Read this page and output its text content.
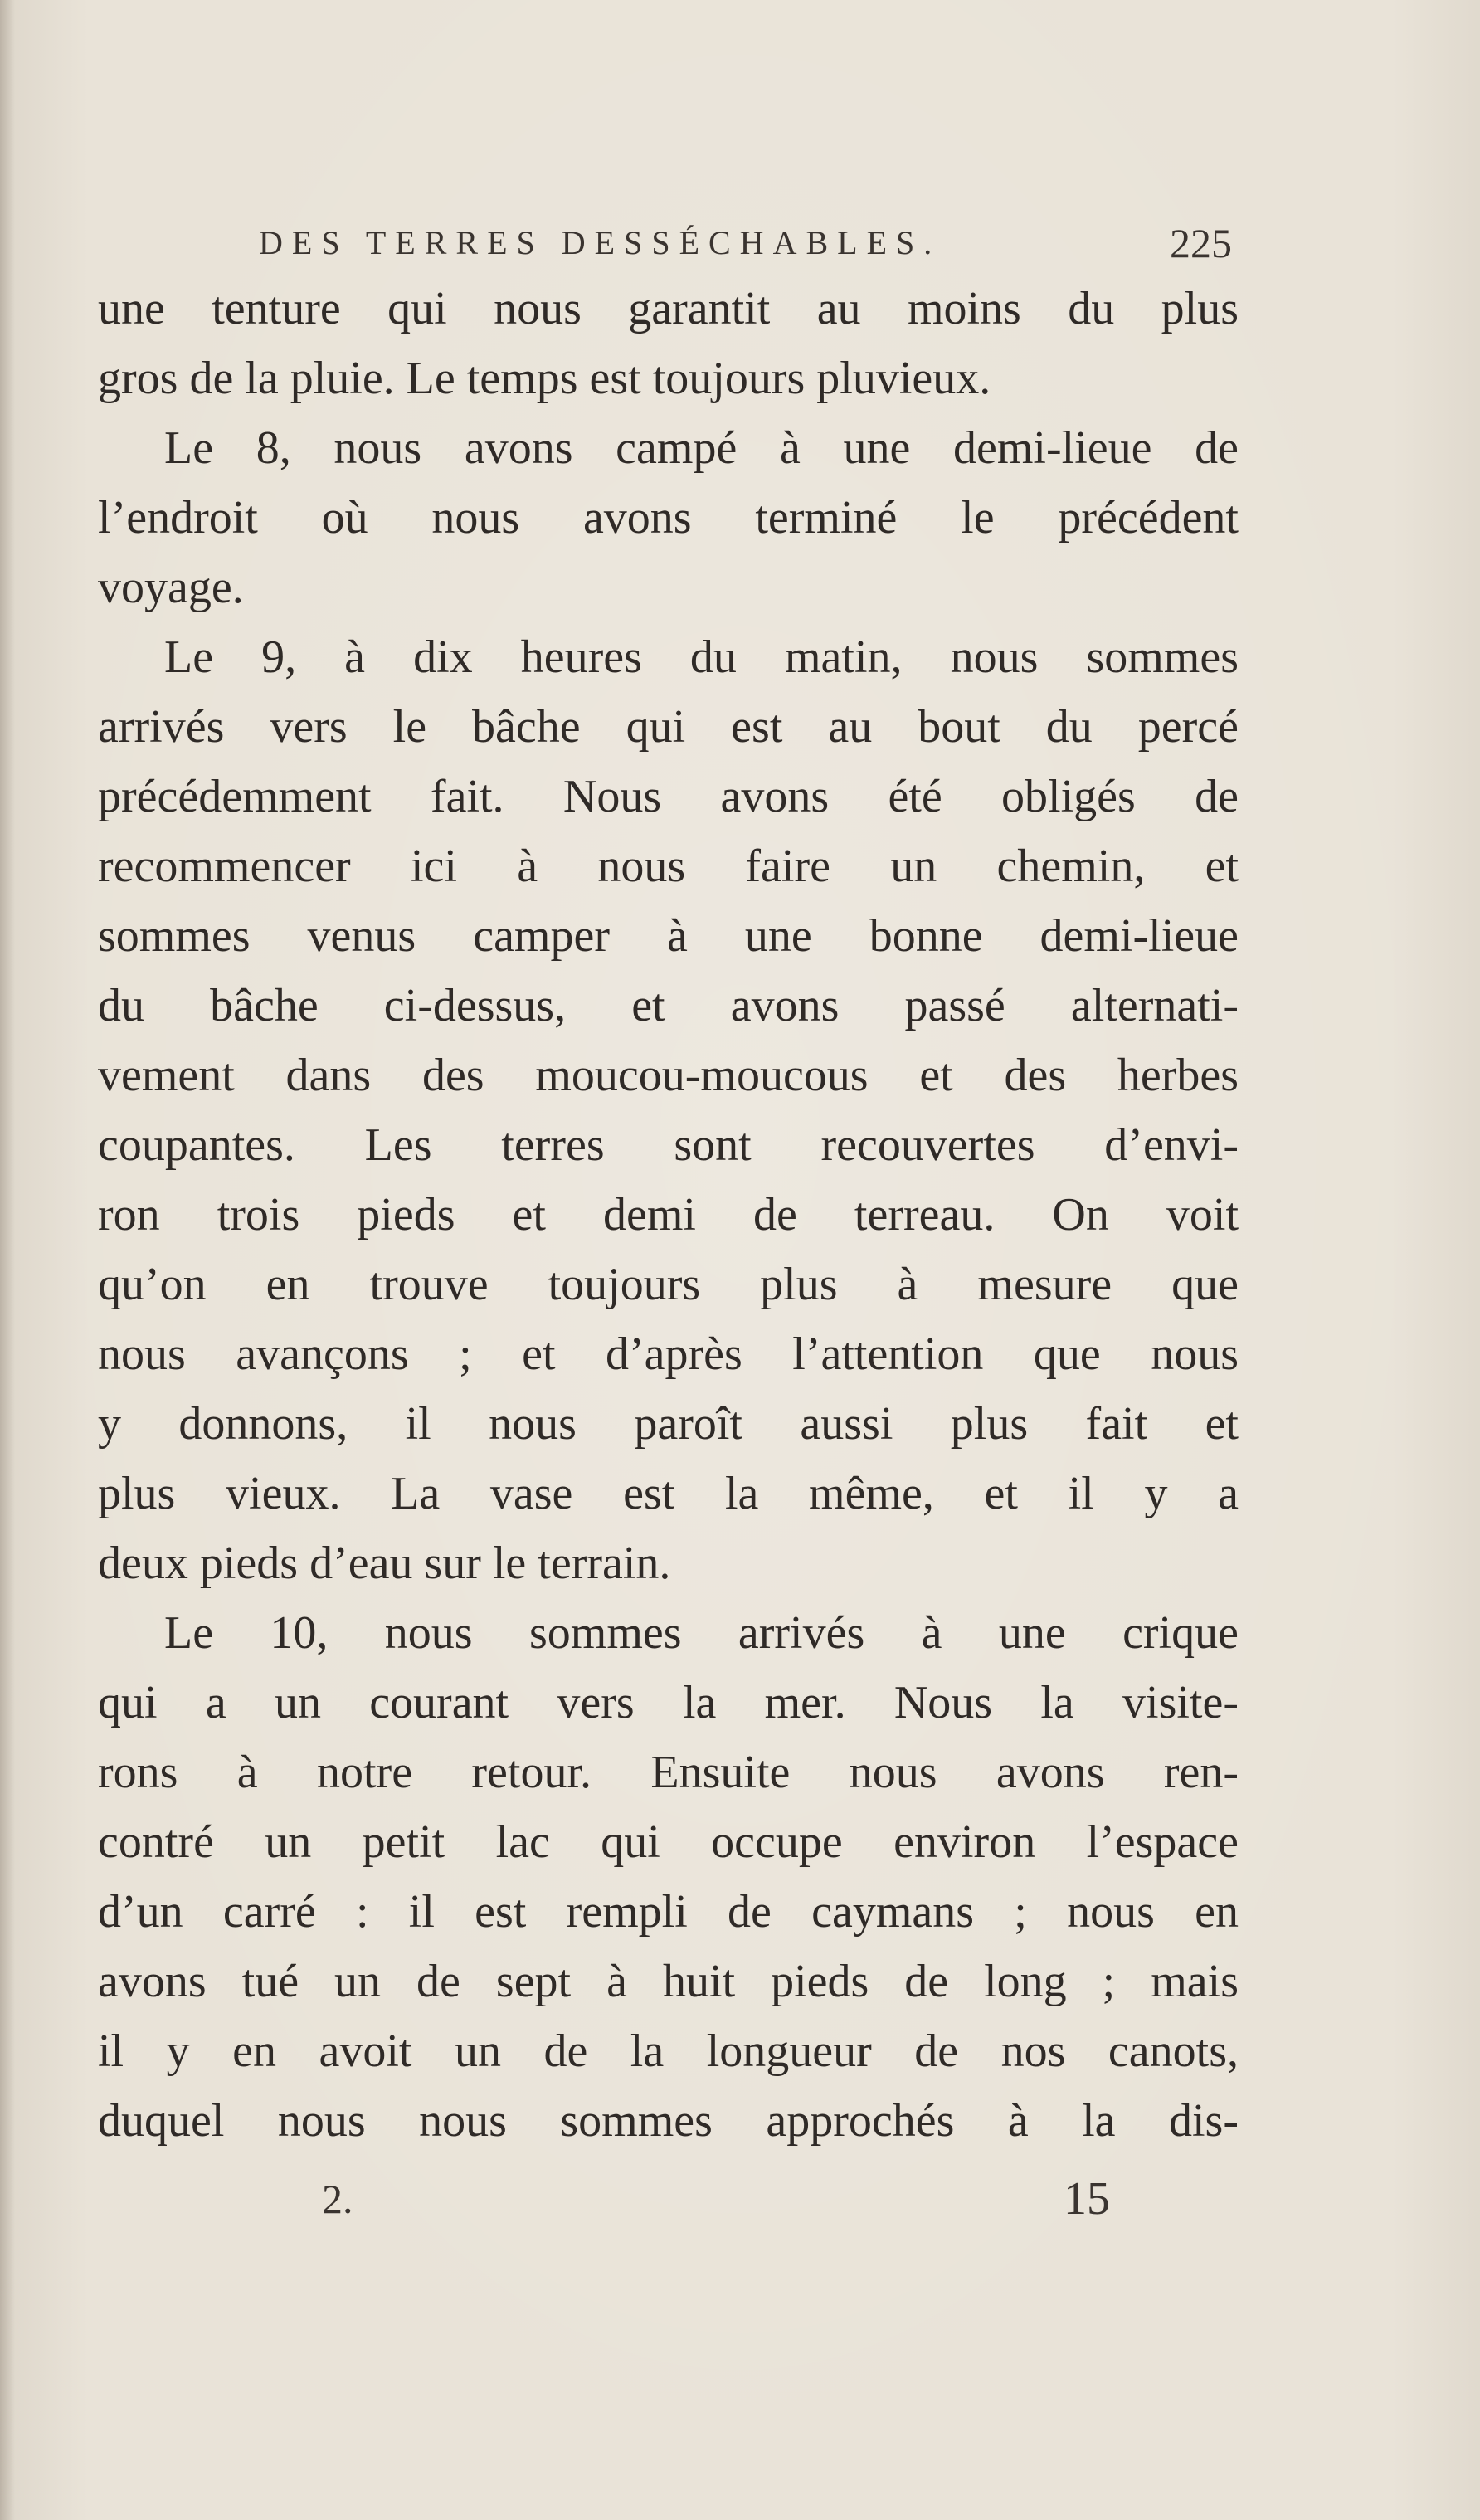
DES TERRES DESSÉCHABLES.	225
une tenture qui nous garantit au moins du plus
gros de la pluie. Le temps est toujours pluvieux.
Le 8, nous avons campé à une demi-lieue de
l’endroit où nous avons terminé le précédent
voyage.
Le 9, à dix heures du matin, nous sommes
arrivés vers le bâche qui est au bout du percé
précédemment fait. Nous avons été obligés de
recommencer ici à nous faire un chemin, et
sommes venus camper à une bonne demi-lieue
du bâche ci-dessus, et avons passé alternati-
vement dans des moucou-moucous et des herbes
coupantes. Les terres sont recouvertes d’envi-
ron trois pieds et demi de terreau. On voit
qu’on en trouve toujours plus à mesure que
nous avançons ; et d’après l’attention que nous
y donnons, il nous paroît aussi plus fait et
plus vieux. La vase est la même, et il y a
deux pieds d’eau sur le terrain.
Le 10, nous sommes arrivés à une crique
qui a un courant vers la mer. Nous la visite-
rons à notre retour. Ensuite nous avons ren-
contré un petit lac qui occupe environ l’espace
d’un carré : il est rempli de caymans ; nous en
avons tué un de sept à huit pieds de long ; mais
il y en avoit un de la longueur de nos canots,
duquel nous nous sommes approchés à la dis-
2.	15
